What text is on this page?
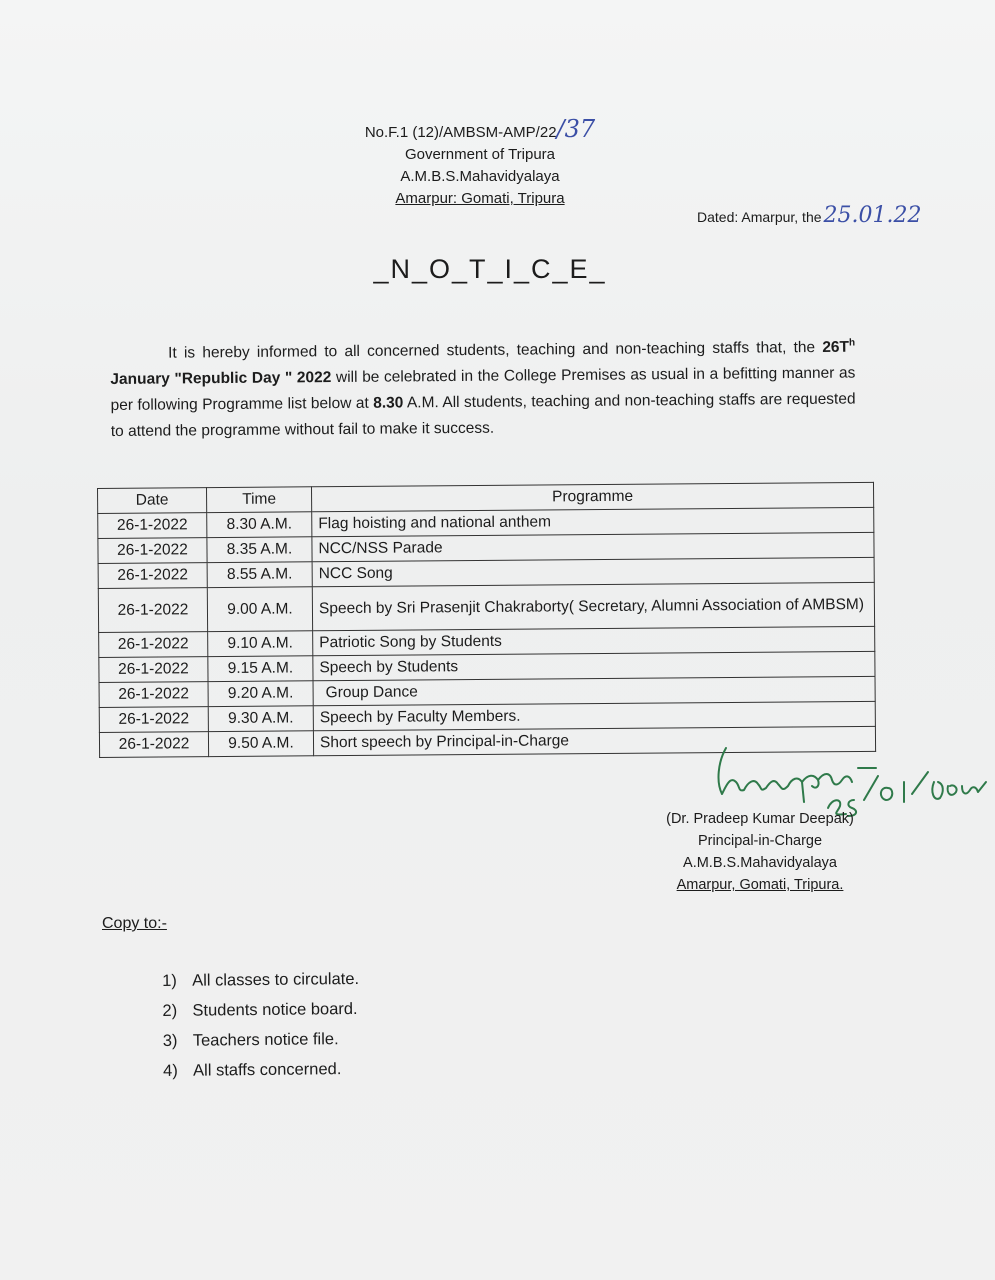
No.F.1 (12)/AMBSM-AMP/22/37
Government of Tripura
A.M.B.S.Mahavidyalaya
Amarpur: Gomati, Tripura
Dated: Amarpur, the25.01.22
_N_O_T_I_C_E_
It is hereby informed to all concerned students, teaching and non-teaching staffs that, the $26T^h$ January "Republic Day " 2022 will be celebrated in the College Premises as usual in a befitting manner as per following Programme list below at 8.30 A.M. All students, teaching and non-teaching staffs are requested to attend the programme without fail to make it success.
Date	Time	Programme
26-1-2022	8.30 A.M.	Flag hoisting and national anthem
26-1-2022	8.35 A.M.	NCC/NSS Parade
26-1-2022	8.55 A.M.	NCC Song
26-1-2022	9.00 A.M.	Speech by Sri Prasenjit Chakraborty( Secretary, Alumni Association of AMBSM)
26-1-2022	9.10 A.M.	Patriotic Song by Students
26-1-2022	9.15 A.M.	Speech by Students
26-1-2022	9.20 A.M.	Group Dance
26-1-2022	9.30 A.M.	Speech by Faculty Members.
26-1-2022	9.50 A.M.	Short speech by Principal-in-Charge
(Dr. Pradeep Kumar Deepak)
Principal-in-Charge
A.M.B.S.Mahavidyalaya
Amarpur, Gomati, Tripura.
Copy to:-
1) All classes to circulate.
2) Students notice board.
3) Teachers notice file.
4) All staffs concerned.
